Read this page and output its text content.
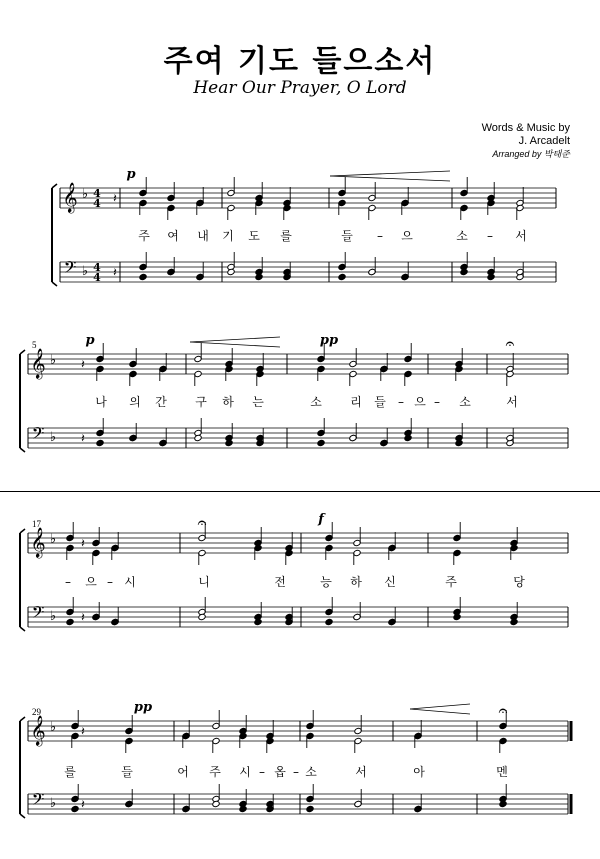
주여 기도 들으소서
Hear Our Prayer, O Lord
Words & Music by
J. Arcadelt
Arranged by 박태준
𝄞 ♭ 4
4
𝄢 ♭ 4
4
𝄽
𝄽
p
주 여 내 기 도 를	들 – 으	소 – 서
𝄞 ♭
𝄢 ♭
5
𝄽
𝄽
𝄐
p	pp
나 의 간 구 하 는	소 리 들 – 으 – 소	서
𝄞 ♭
𝄢 ♭
17
𝄽
𝄽
𝄐	f
– 으 – 시	니	전	능 하 신	주	당
𝄞 ♭
𝄢 ♭
29
𝄽
𝄽
𝄐
pp
를	들	어 주 시 – 옵 – 소	서	아	멘
